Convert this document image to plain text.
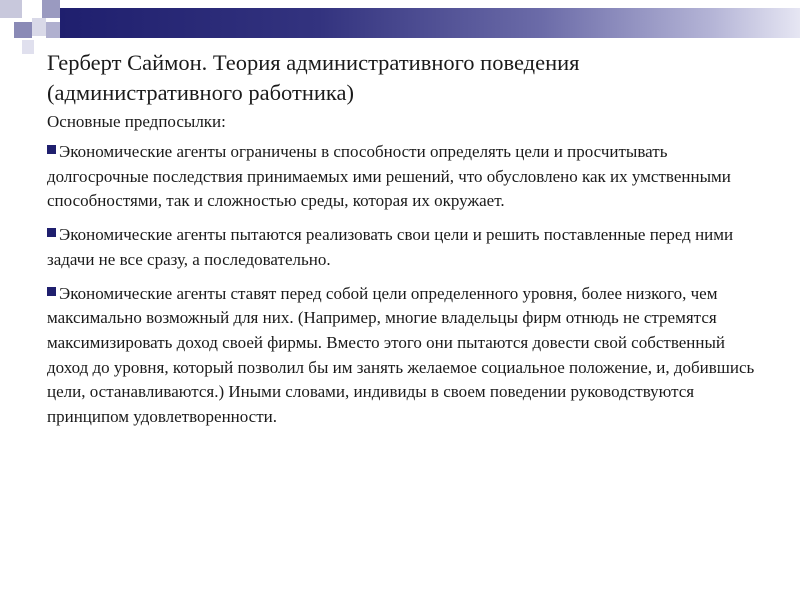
Герберт Саймон. Теория административного поведения (административного работника)
Основные предпосылки:
Экономические агенты ограничены в способности определять цели и просчитывать долгосрочные последствия принимаемых ими решений, что обусловлено как их умственными способностями, так и сложностью среды, которая их окружает.
Экономические агенты пытаются реализовать свои цели и решить поставленные перед ними задачи не все сразу, а последовательно.
Экономические агенты ставят перед собой цели определенного уровня, более низкого, чем максимально возможный для них. (Например, многие владельцы фирм отнюдь не стремятся максимизировать доход своей фирмы. Вместо этого они пытаются довести свой собственный доход до уровня, который позволил бы им занять желаемое социальное положение, и, добившись цели, останавливаются.) Иными словами, индивиды в своем поведении руководствуются принципом удовлетворенности.
